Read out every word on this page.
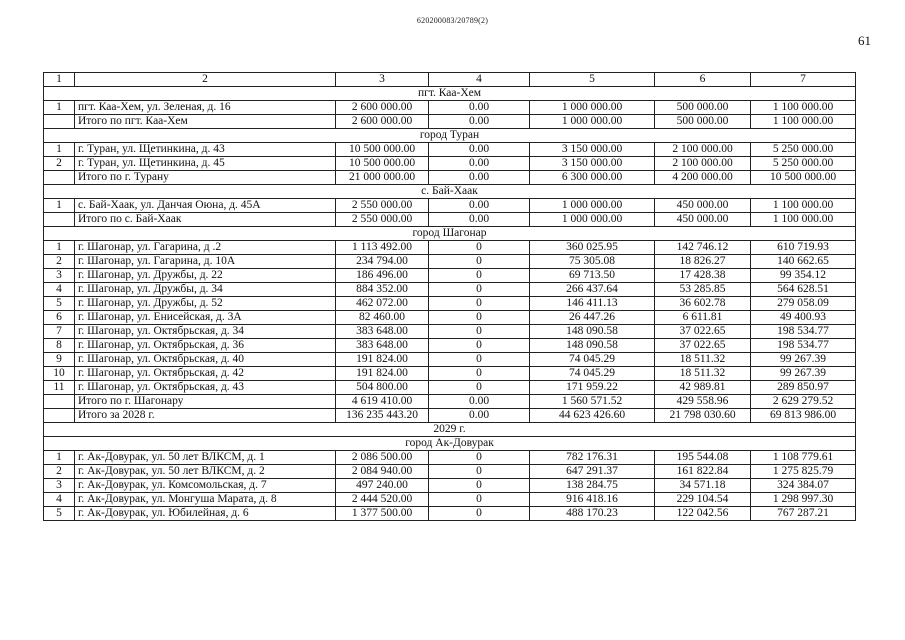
620200083/20789(2)
61
1	2	3	4	5	6	7
пгт. Каа-Хем						
1	пгт. Каа-Хем, ул. Зеленая, д. 16	2 600 000.00	0.00	1 000 000.00	500 000.00	1 100 000.00
	Итого по пгт. Каа-Хем	2 600 000.00	0.00	1 000 000.00	500 000.00	1 100 000.00
город Туран						
1	г. Туран, ул. Щетинкина, д. 43	10 500 000.00	0.00	3 150 000.00	2 100 000.00	5 250 000.00
2	г. Туран, ул. Щетинкина, д. 45	10 500 000.00	0.00	3 150 000.00	2 100 000.00	5 250 000.00
	Итого по г. Турану	21 000 000.00	0.00	6 300 000.00	4 200 000.00	10 500 000.00
с. Бай-Хаак						
1	с. Бай-Хаак, ул. Данчая Оюна, д. 45А	2 550 000.00	0.00	1 000 000.00	450 000.00	1 100 000.00
	Итого по с. Бай-Хаак	2 550 000.00	0.00	1 000 000.00	450 000.00	1 100 000.00
город Шагонар						
1	г. Шагонар, ул. Гагарина, д .2	1 113 492.00	0	360 025.95	142 746.12	610 719.93
2	г. Шагонар, ул. Гагарина, д. 10А	234 794.00	0	75 305.08	18 826.27	140 662.65
3	г. Шагонар, ул. Дружбы, д. 22	186 496.00	0	69 713.50	17 428.38	99 354.12
4	г. Шагонар, ул. Дружбы, д. 34	884 352.00	0	266 437.64	53 285.85	564 628.51
5	г. Шагонар, ул. Дружбы, д. 52	462 072.00	0	146 411.13	36 602.78	279 058.09
6	г. Шагонар, ул. Енисейская, д. 3А	82 460.00	0	26 447.26	6 611.81	49 400.93
7	г. Шагонар, ул. Октябрьская, д. 34	383 648.00	0	148 090.58	37 022.65	198 534.77
8	г. Шагонар, ул. Октябрьская, д. 36	383 648.00	0	148 090.58	37 022.65	198 534.77
9	г. Шагонар, ул. Октябрьская, д. 40	191 824.00	0	74 045.29	18 511.32	99 267.39
10	г. Шагонар, ул. Октябрьская, д. 42	191 824.00	0	74 045.29	18 511.32	99 267.39
11	г. Шагонар, ул. Октябрьская, д. 43	504 800.00	0	171 959.22	42 989.81	289 850.97
	Итого по г. Шагонару	4 619 410.00	0.00	1 560 571.52	429 558.96	2 629 279.52
	Итого за 2028 г.	136 235 443.20	0.00	44 623 426.60	21 798 030.60	69 813 986.00
2029 г.						
город Ак-Довурак						
1	г. Ак-Довурак, ул. 50 лет ВЛКСМ, д. 1	2 086 500.00	0	782 176.31	195 544.08	1 108 779.61
2	г. Ак-Довурак, ул. 50 лет ВЛКСМ, д. 2	2 084 940.00	0	647 291.37	161 822.84	1 275 825.79
3	г. Ак-Довурак, ул. Комсомольская, д. 7	497 240.00	0	138 284.75	34 571.18	324 384.07
4	г. Ак-Довурак, ул. Монгуша Марата, д. 8	2 444 520.00	0	916 418.16	229 104.54	1 298 997.30
5	г. Ак-Довурак, ул. Юбилейная, д. 6	1 377 500.00	0	488 170.23	122 042.56	767 287.21
